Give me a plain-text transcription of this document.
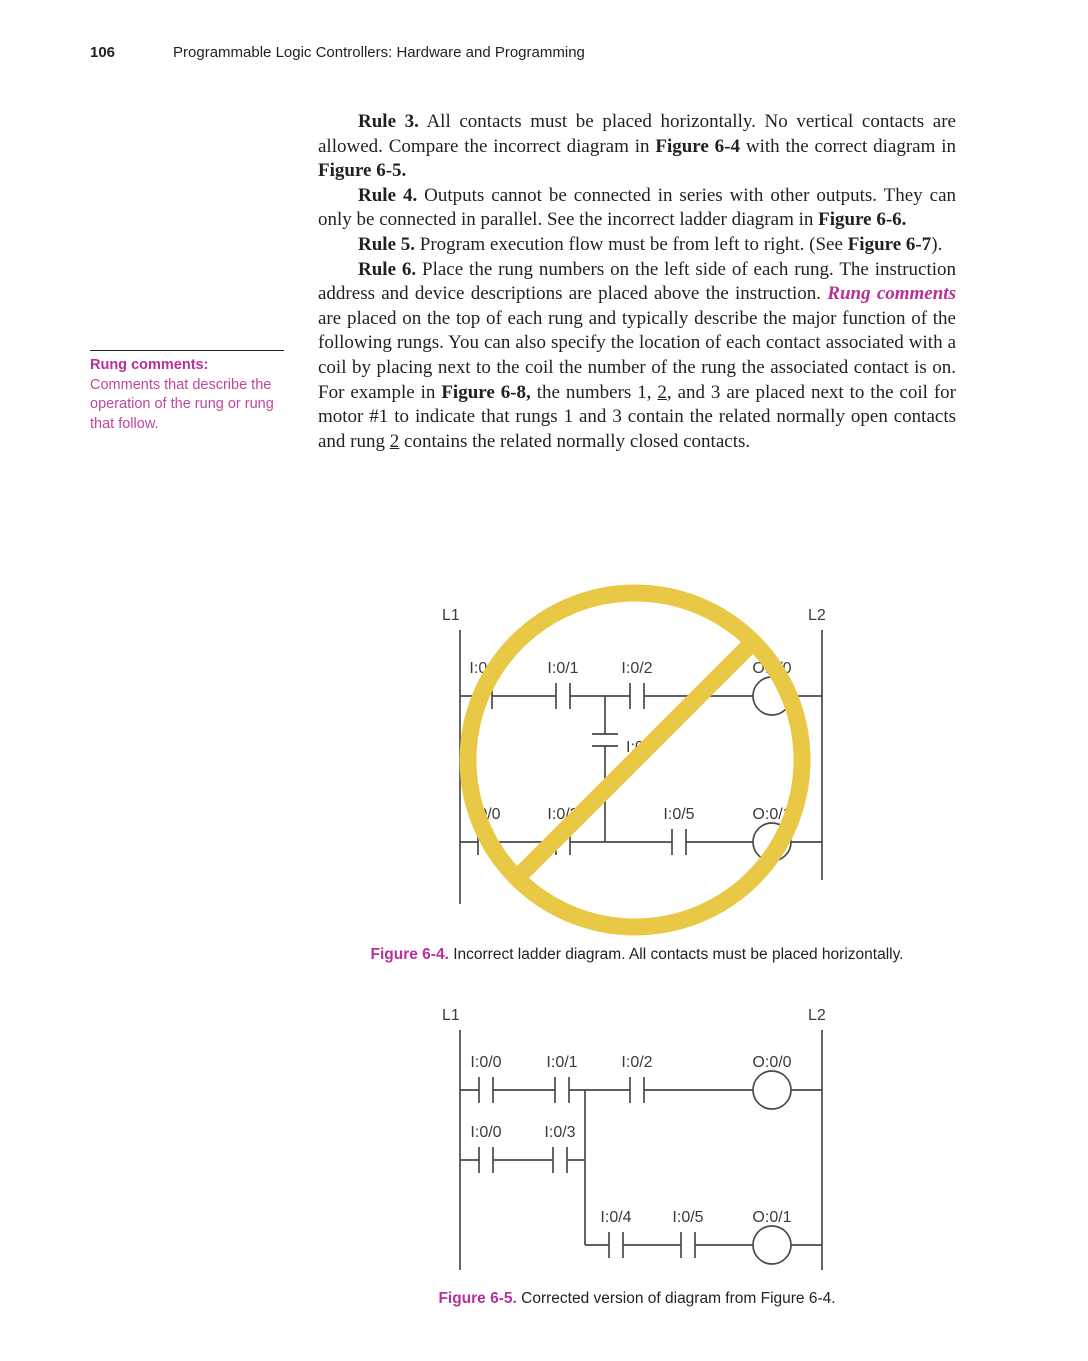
106	Programmable Logic Controllers: Hardware and Programming
Rung comments:
Comments that describe the operation of the rung or rung that follow.

Rule 3. All contacts must be placed horizontally. No vertical contacts are allowed. Compare the incorrect diagram in Figure 6-4 with the correct diagram in Figure 6-5.

Rule 4. Outputs cannot be connected in series with other outputs. They can only be connected in parallel. See the incorrect ladder diagram in Figure 6-6.

Rule 5. Program execution flow must be from left to right. (See Figure 6-7).

Rule 6. Place the rung numbers on the left side of each rung. The instruction address and device descriptions are placed above the instruction. Rung comments are placed on the top of each rung and typically describe the major function of the following rungs. You can also specify the location of each contact associated with a coil by placing next to the coil the number of the rung the associated contact is on. For example in Figure 6-8, the numbers 1, 2, and 3 are placed next to the coil for motor #1 to indicate that rungs 1 and 3 contain the related normally open contacts and rung 2 contains the related normally closed contacts.

L1	L2
I:0/0	I:0/1	I:0/2	O:0/0
I:0/4
I:0/0	I:0/3	I:0/5	O:0/1
Figure 6-4. Incorrect ladder diagram. All contacts must be placed horizontally.
L1	L2
I:0/0	I:0/1	I:0/2	O:0/0
I:0/0	I:0/3
I:0/4	I:0/5	O:0/1
Figure 6-5. Corrected version of diagram from Figure 6-4.
